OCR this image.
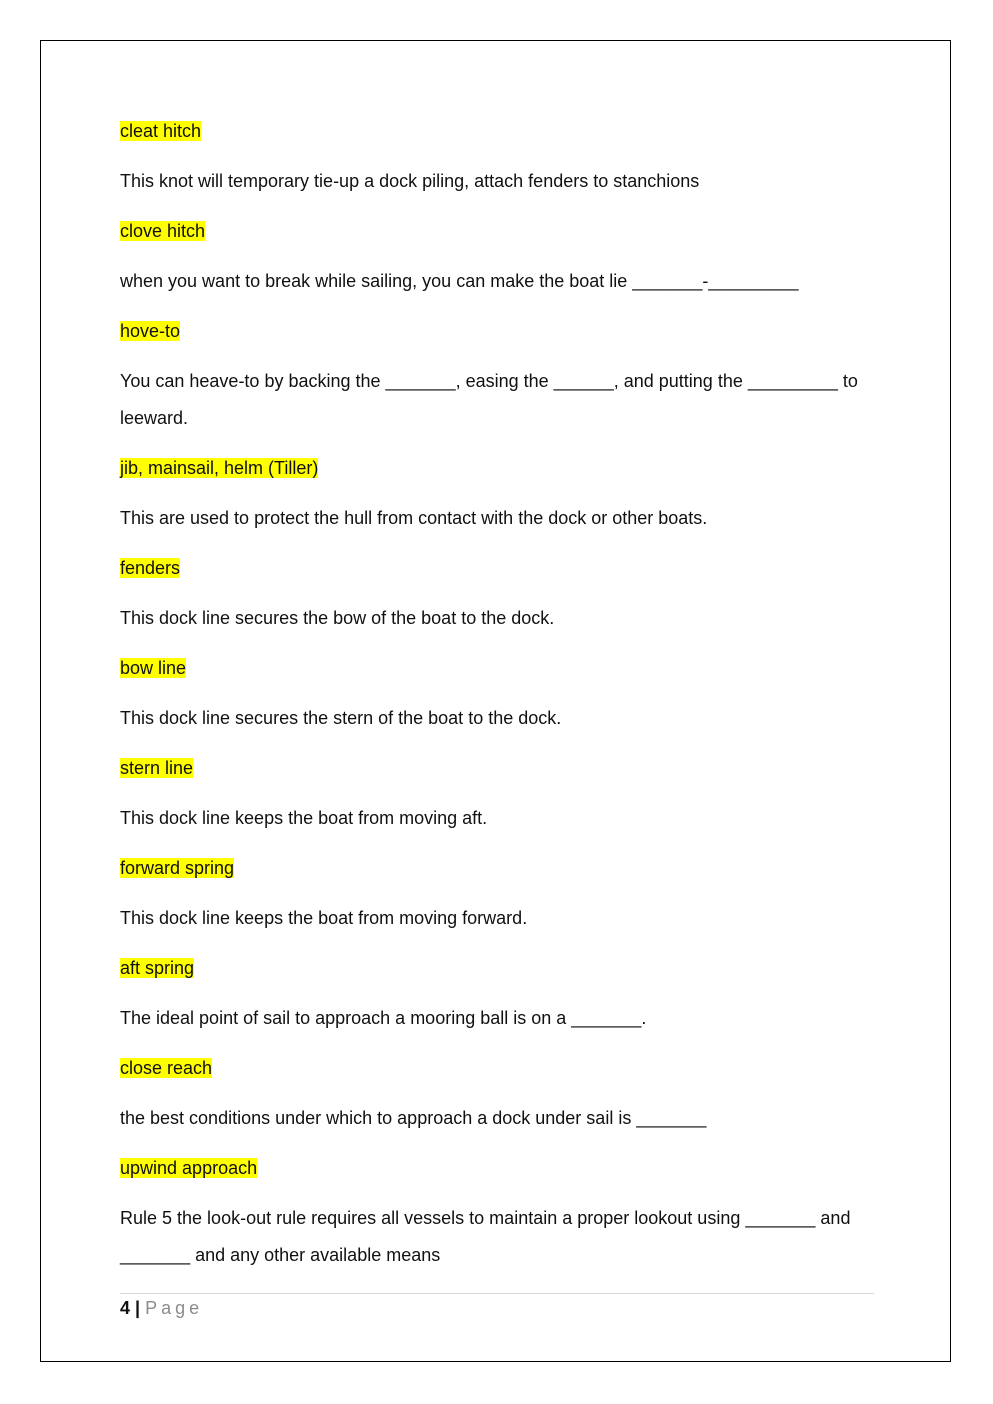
cleat hitch

This knot will temporary tie-up a dock piling, attach fenders to stanchions

clove hitch

when you want to break while sailing, you can make the boat lie _______-_________

hove-to

You can heave-to by backing the _______, easing the ______, and putting the _________ to leeward.

jib, mainsail, helm (Tiller)

This are used to protect the hull from contact with the dock or other boats.

fenders

This dock line secures the bow of the boat to the dock.

bow line

This dock line secures the stern of the boat to the dock.

stern line

This dock line keeps the boat from moving aft.

forward spring

This dock line keeps the boat from moving forward.

aft spring

The ideal point of sail to approach a mooring ball is on a _______.

close reach

the best conditions under which to approach a dock under sail is _______

upwind approach

Rule 5 the look-out rule requires all vessels to maintain a proper lookout using _______ and _______ and any other available means

4 | Page
